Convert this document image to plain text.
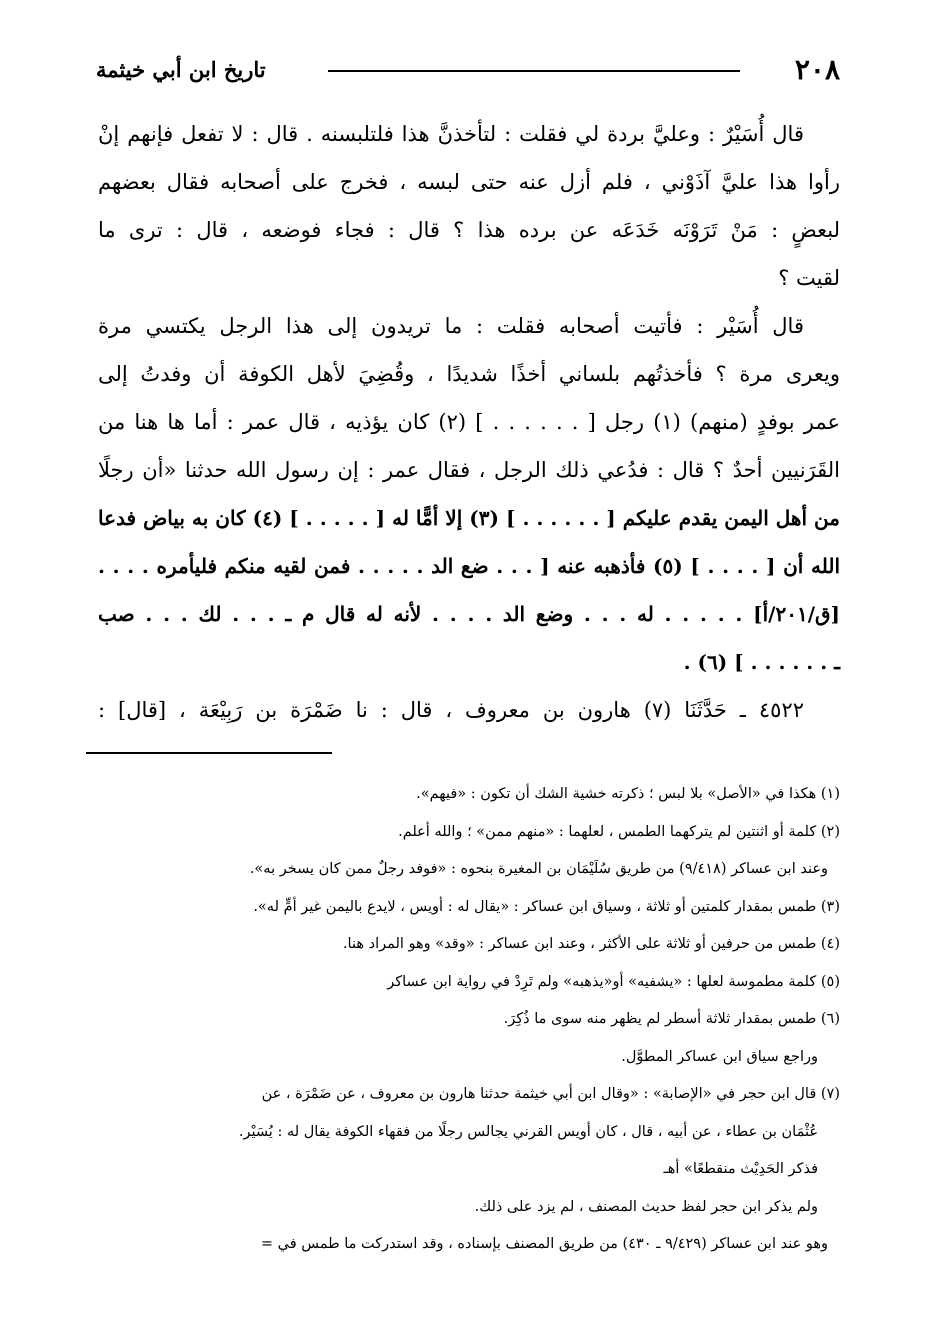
٢٠٨
تاريخ ابن أبي خيثمة
قال أُسَيْرٌ : وعليَّ بردة لي فقلت : لتأخذنَّ هذا فلتلبسنه . قال : لا تفعل فإنهم إنْ
رأوا هذا عليَّ آذَوْني ، فلم أزل عنه حتى لبسه ، فخرج على أصحابه فقال بعضهم
لبعضٍ : مَنْ تَرَوْنَه خَدَعَه عن برده هذا ؟ قال : فجاء فوضعه ، قال : ترى ما
لقيت ؟
قال أُسَيْر : فأتيت أصحابه فقلت : ما تريدون إلى هذا الرجل يكتسي مرة
ويعرى مرة ؟ فأخذتُهم بلساني أخذًا شديدًا ، وقُضِيَ لأهل الكوفة أن وفدتُ إلى
عمر بوفدٍ (منهم) (١) رجل [ . . . . . . ] (٢) كان يؤذيه ، قال عمر : أما ها هنا من
القَرَنيين أحدٌ ؟ قال : فدُعي ذلك الرجل ، فقال عمر : إن رسول الله حدثنا «أن رجلًا
من أهل اليمن يقدم عليكم [ . . . . . . ] (٣) إلا أمًّا له [ . . . . . ] (٤) كان به بياض فدعا
الله أن [ . . . . ] (٥) فأذهبه عنه [ . . . ضع الد . . . . . فمن لقيه منكم فليأمره . . . .
[ق/٢٠١/أ] . . . . . له . . . وضع الد . . . . لأنه له قال م ـ . . . لك . . . صب
ـ . . . . . . ] (٦) .
٤٥٢٢ ـ حَدَّثَنَا (٧) هارون بن معروف ، قال : نا ضَمْرَة بن رَبِيْعَة ، [قال] :
(١) هكذا في «الأصل» بلا لبس ؛ ذكرته خشية الشك أن تكون : «فيهم».
(٢) كلمة أو اثنتين لم يتركهما الطمس ، لعلهما : «منهم ممن» ؛ والله أعلم.
وعند ابن عساكر (٩/٤١٨) من طريق سُلَيْمَان بن المغيرة بنحوه : «فوفد رجلٌ ممن كان يسخر به».
(٣) طمس بمقدار كلمتين أو ثلاثة ، وسياق ابن عساكر : «يقال له : أويس ، لايدع باليمن غير أمٍّ له».
(٤) طمس من حرفين أو ثلاثة على الأكثر ، وعند ابن عساكر : «وقد» وهو المراد هنا.
(٥) كلمة مطموسة لعلها : «يشفيه» أو«يذهبه» ولم تَرِدْ في رواية ابن عساكر
(٦) طمس بمقدار ثلاثة أسطر لم يظهر منه سوى ما ذُكِرَ.
وراجع سياق ابن عساكر المطوَّل.
(٧) قال ابن حجر في «الإصابة» : «وقال ابن أبي خيثمة حدثنا هارون بن معروف ، عن ضَمْرَة ، عن
عُثْمَان بن عطاء ، عن أبيه ، قال ، كان أويس القرني يجالس رجلًا من فقهاء الكوفة يقال له : يُسَيْر.
فذكر الحَدِيْث منقطعًا» أهـ
ولم يذكر ابن حجر لفظ حديث المصنف ، لم يزد على ذلك.
وهو عند ابن عساكر (٩/٤٢٩ ـ ٤٣٠) من طريق المصنف بإسناده ، وقد استدركت ما طمس في =
